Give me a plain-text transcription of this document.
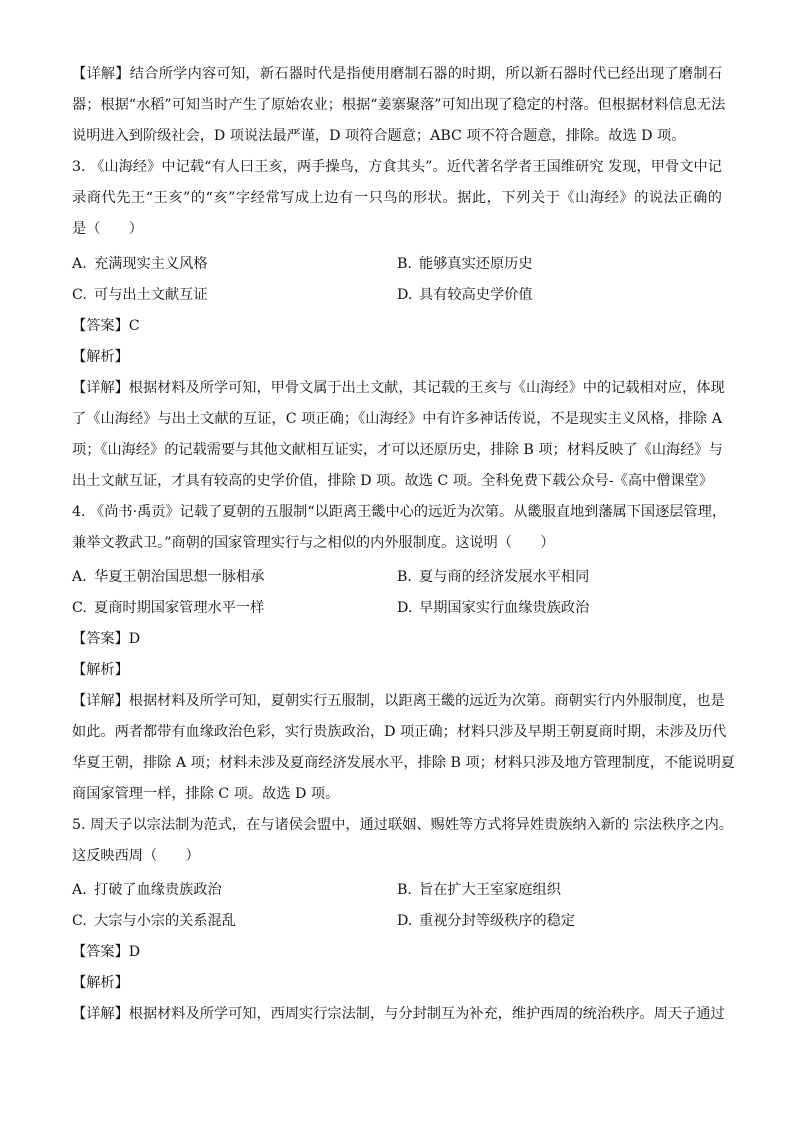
【详解】结合所学内容可知，新石器时代是指使用磨制石器的时期，所以新石器时代已经出现了磨制石
器；根据“水稻”可知当时产生了原始农业；根据“姜寨聚落”可知出现了稳定的村落。但根据材料信息无法
说明进入到阶级社会，D 项说法最严谨，D 项符合题意；ABC 项不符合题意，排除。故选 D 项。
3. 《山海经》中记载“有人曰王亥，两手操鸟，方食其头”。近代著名学者王国维研究 发现，甲骨文中记
录商代先王“王亥”的“亥”字经常写成上边有一只鸟的形状。据此，下列关于《山海经》的说法正确的
是（　　）
A. 充满现实主义风格	B. 能够真实还原历史
C. 可与出土文献互证	D. 具有较高史学价值
【答案】C
【解析】
【详解】根据材料及所学可知，甲骨文属于出土文献，其记载的王亥与《山海经》中的记载相对应，体现
了《山海经》与出土文献的互证，C 项正确；《山海经》中有许多神话传说，不是现实主义风格，排除 A
项；《山海经》的记载需要与其他文献相互证实，才可以还原历史，排除 B 项；材料反映了《山海经》与
出土文献互证，才具有较高的史学价值，排除 D 项。故选 C 项。全科免费下载公众号-《高中僧课堂》
4. 《尚书·禹贡》记载了夏朝的五服制“以距离王畿中心的远近为次第。从畿服直地到藩属下国逐层管理，
兼举文教武卫。”商朝的国家管理实行与之相似的内外服制度。这说明（　　）
A. 华夏王朝治国思想一脉相承	B. 夏与商的经济发展水平相同
C. 夏商时期国家管理水平一样	D. 早期国家实行血缘贵族政治
【答案】D
【解析】
【详解】根据材料及所学可知，夏朝实行五服制，以距离王畿的远近为次第。商朝实行内外服制度，也是
如此。两者都带有血缘政治色彩，实行贵族政治，D 项正确；材料只涉及早期王朝夏商时期，未涉及历代
华夏王朝，排除 A 项；材料未涉及夏商经济发展水平，排除 B 项；材料只涉及地方管理制度，不能说明夏
商国家管理一样，排除 C 项。故选 D 项。
5. 周天子以宗法制为范式，在与诸侯会盟中，通过联姻、赐姓等方式将异姓贵族纳入新的 宗法秩序之内。
这反映西周（　　）
A. 打破了血缘贵族政治	B. 旨在扩大王室家庭组织
C. 大宗与小宗的关系混乱	D. 重视分封等级秩序的稳定
【答案】D
【解析】
【详解】根据材料及所学可知，西周实行宗法制，与分封制互为补充，维护西周的统治秩序。周天子通过
